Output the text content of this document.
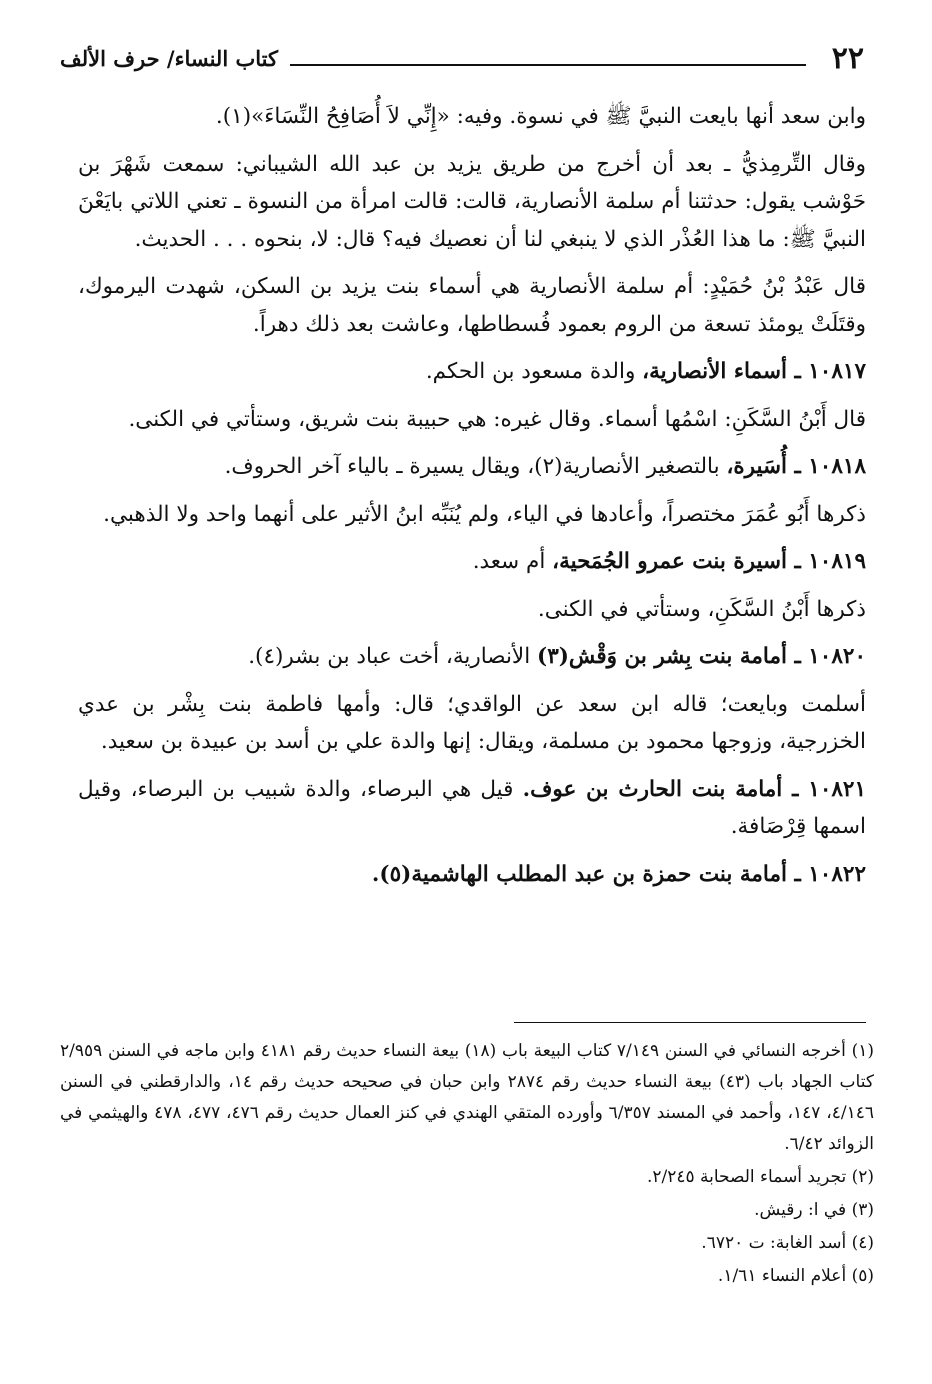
٢٢
كتاب النساء/ حرف الألف

وابن سعد أنها بايعت النبيَّ ﷺ في نسوة. وفيه: «إِنِّي لاَ أُصَافِحُ النِّسَاءَ»(١).

وقال التِّرمِذيُّ ـ بعد أن أخرج من طريق يزيد بن عبد الله الشيباني: سمعت شَهْرَ بن حَوْشب يقول: حدثتنا أم سلمة الأنصارية، قالت: قالت امرأة من النسوة ـ تعني اللاتي بايَعْنَ النبيَّ ﷺ: ما هذا العُذْر الذي لا ينبغي لنا أن نعصيك فيه؟ قال: لا، بنحوه . . . الحديث.

قال عَبْدُ بْنُ حُمَيْدٍ: أم سلمة الأنصارية هي أسماء بنت يزيد بن السكن، شهدت اليرموك، وقتَلَتْ يومئذ تسعة من الروم بعمود فُسطاطها، وعاشت بعد ذلك دهراً.

١٠٨١٧ ـ أسماء الأنصارية، والدة مسعود بن الحكم.

قال أَبْنُ السَّكَنِ: اسْمُها أسماء. وقال غيره: هي حبيبة بنت شريق، وستأتي في الكنى.

١٠٨١٨ ـ أُسَيرة، بالتصغير الأنصارية(٢)، ويقال يسيرة ـ بالياء آخر الحروف.

ذكرها أَبُو عُمَرَ مختصراً، وأعادها في الياء، ولم يُنَبِّه ابنُ الأثير على أنهما واحد ولا الذهبي.

١٠٨١٩ ـ أسيرة بنت عمرو الجُمَحية، أم سعد.

ذكرها أَبْنُ السَّكَنِ، وستأتي في الكنى.

١٠٨٢٠ ـ أمامة بنت بِشر بن وَقْش(٣) الأنصارية، أخت عباد بن بشر(٤).

أسلمت وبايعت؛ قاله ابن سعد عن الواقدي؛ قال: وأمها فاطمة بنت بِشْر بن عدي الخزرجية، وزوجها محمود بن مسلمة، ويقال: إنها والدة علي بن أسد بن عبيدة بن سعيد.

١٠٨٢١ ـ أمامة بنت الحارث بن عوف. قيل هي البرصاء، والدة شبيب بن البرصاء، وقيل اسمها قِرْصَافة.

١٠٨٢٢ ـ أمامة بنت حمزة بن عبد المطلب الهاشمية(٥).

(١) أخرجه النسائي في السنن ٧/١٤٩ كتاب البيعة باب (١٨) بيعة النساء حديث رقم ٤١٨١ وابن ماجه في السنن ٢/٩٥٩ كتاب الجهاد باب (٤٣) بيعة النساء حديث رقم ٢٨٧٤ وابن حبان في صحيحه حديث رقم ١٤، والدارقطني في السنن ٤/١٤٦، ١٤٧، وأحمد في المسند ٦/٣٥٧ وأورده المتقي الهندي في كنز العمال حديث رقم ٤٧٦، ٤٧٧، ٤٧٨ والهيثمي في الزوائد ٦/٤٢.

(٢) تجريد أسماء الصحابة ٢/٢٤٥.

(٣) في ا: رقيش.

(٤) أسد الغابة: ت ٦٧٢٠.

(٥) أعلام النساء ١/٦١.
